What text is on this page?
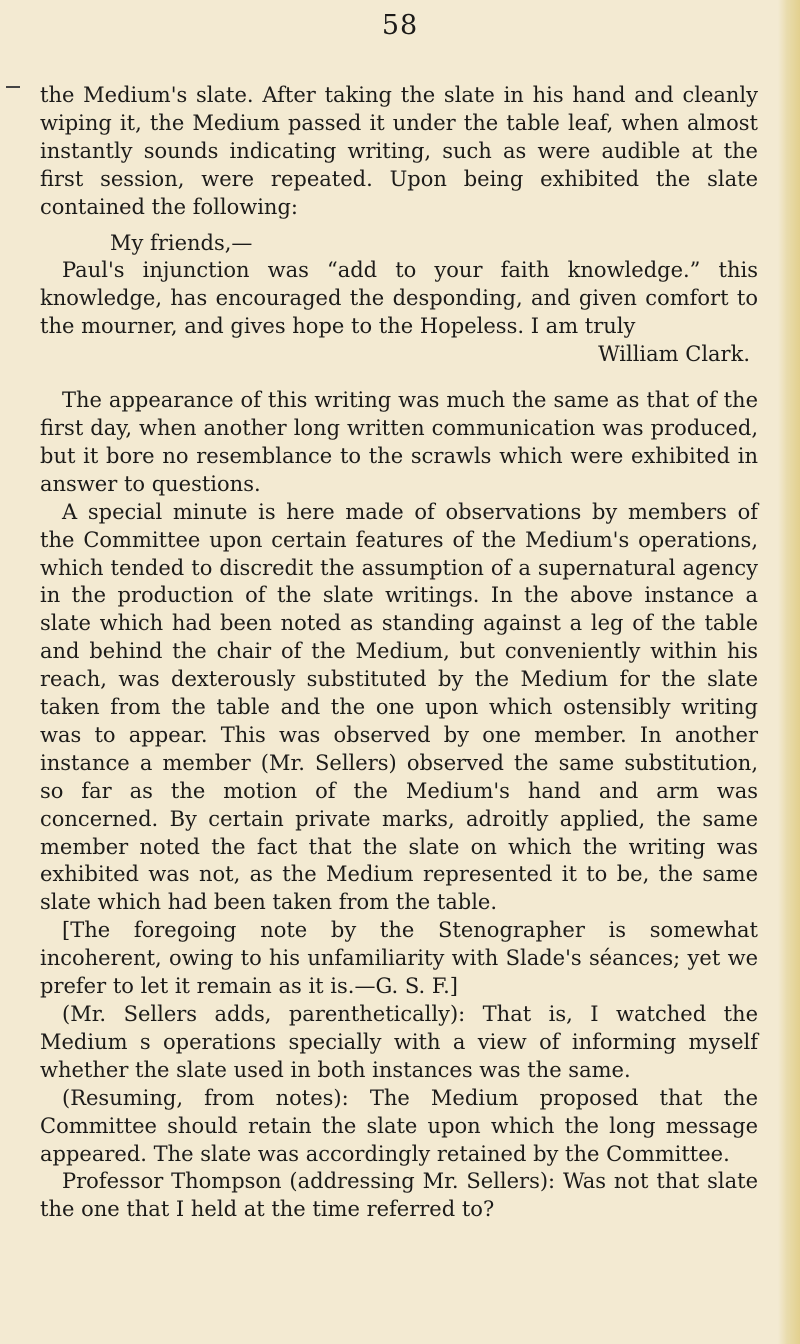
58

the Medium's slate. After taking the slate in his hand and cleanly wiping it, the Medium passed it under the table leaf, when almost instantly sounds indicating writing, such as were audible at the first session, were repeated. Upon being exhibited the slate contained the following:

My friends,—

Paul's injunction was “add to your faith knowledge.” this knowledge, has encouraged the desponding, and given comfort to the mourner, and gives hope to the Hopeless. I am truly

William Clark.

The appearance of this writing was much the same as that of the first day, when another long written communication was produced, but it bore no resemblance to the scrawls which were exhibited in answer to questions.

A special minute is here made of observations by members of the Committee upon certain features of the Medium's operations, which tended to discredit the assumption of a supernatural agency in the production of the slate writings. In the above instance a slate which had been noted as standing against a leg of the table and behind the chair of the Medium, but conveniently within his reach, was dexterously substituted by the Medium for the slate taken from the table and the one upon which ostensibly writing was to appear. This was observed by one member. In another instance a member (Mr. Sellers) observed the same substitution, so far as the motion of the Medium's hand and arm was concerned. By certain private marks, adroitly applied, the same member noted the fact that the slate on which the writing was exhibited was not, as the Medium represented it to be, the same slate which had been taken from the table.

[The foregoing note by the Stenographer is somewhat incoherent, owing to his unfamiliarity with Slade's séances; yet we prefer to let it remain as it is.—G. S. F.]

(Mr. Sellers adds, parenthetically): That is, I watched the Medium s operations specially with a view of informing myself whether the slate used in both instances was the same.

(Resuming, from notes): The Medium proposed that the Committee should retain the slate upon which the long message appeared. The slate was accordingly retained by the Committee.

Professor Thompson (addressing Mr. Sellers): Was not that slate the one that I held at the time referred to?
